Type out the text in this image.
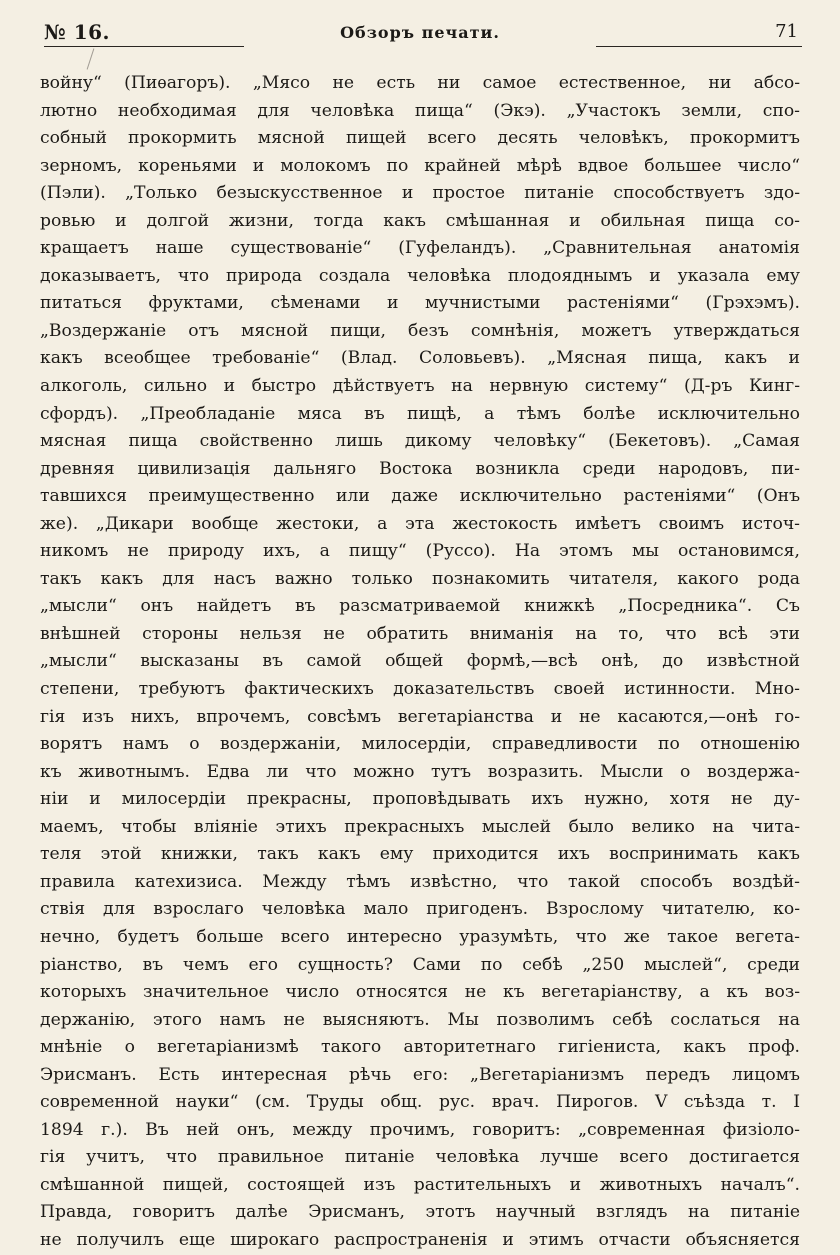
№ 16.	Обзоръ печати.	71
войну“ (Пиѳагоръ). „Мясо не есть ни самое естественное, ни абсо-
лютно необходимая для человѣка пища“ (Экэ). „Участокъ земли, спо-
собный прокормить мясной пищей всего десять человѣкъ, прокормитъ
зерномъ, кореньями и молокомъ по крайней мѣрѣ вдвое большее число“
(Пэли). „Только безыскусственное и простое питаніе способствуетъ здо-
ровью и долгой жизни, тогда какъ смѣшанная и обильная пища со-
кращаетъ наше существованіе“ (Гуфеландъ). „Сравнительная анатомія
доказываетъ, что природа создала человѣка плодояднымъ и указала ему
питаться фруктами, сѣменами и мучнистыми растеніями“ (Грэхэмъ).
„Воздержаніе отъ мясной пищи, безъ сомнѣнія, можетъ утверждаться
какъ всеобщее требованіе“ (Влад. Соловьевъ). „Мясная пища, какъ и
алкоголь, сильно и быстро дѣйствуетъ на нервную систему“ (Д-ръ Кинг-
сфордъ). „Преобладаніе мяса въ пищѣ, а тѣмъ болѣе исключительно
мясная пища свойственно лишь дикому человѣку“ (Бекетовъ). „Самая
древняя цивилизація дальняго Востока возникла среди народовъ, пи-
тавшихся преимущественно или даже исключительно растеніями“ (Онъ
же). „Дикари вообще жестоки, а эта жестокость имѣетъ своимъ источ-
никомъ не природу ихъ, а пищу“ (Руссо). На этомъ мы остановимся,
такъ какъ для насъ важно только познакомить читателя, какого рода
„мысли“ онъ найдетъ въ разсматриваемой книжкѣ „Посредника“. Съ
внѣшней стороны нельзя не обратить вниманія на то, что всѣ эти
„мысли“ высказаны въ самой общей формѣ,—всѣ онѣ, до извѣстной
степени, требуютъ фактическихъ доказательствъ своей истинности. Мно-
гія изъ нихъ, впрочемъ, совсѣмъ вегетаріанства и не касаются,—онѣ го-
ворятъ намъ о воздержаніи, милосердіи, справедливости по отношенію
къ животнымъ. Едва ли что можно тутъ возразить. Мысли о воздержа-
ніи и милосердіи прекрасны, проповѣдывать ихъ нужно, хотя не ду-
маемъ, чтобы вліяніе этихъ прекрасныхъ мыслей было велико на чита-
теля этой книжки, такъ какъ ему приходится ихъ воспринимать какъ
правила катехизиса. Между тѣмъ извѣстно, что такой способъ воздѣй-
ствія для взрослаго человѣка мало пригоденъ. Взрослому читателю, ко-
нечно, будетъ больше всего интересно уразумѣть, что же такое вегета-
ріанство, въ чемъ его сущность? Сами по себѣ „250 мыслей“, среди
которыхъ значительное число относятся не къ вегетаріанству, а къ воз-
держанію, этого намъ не выясняютъ. Мы позволимъ себѣ сослаться на
мнѣніе о вегетаріанизмѣ такого авторитетнаго гигіениста, какъ проф.
Эрисманъ. Есть интересная рѣчь его: „Вегетаріанизмъ передъ лицомъ
современной науки“ (см. Труды общ. рус. врач. Пирогов. V съѣзда т. I
1894 г.). Въ ней онъ, между прочимъ, говоритъ: „современная физіоло-
гія учитъ, что правильное питаніе человѣка лучше всего достигается
смѣшанной пищей, состоящей изъ растительныхъ и животныхъ началъ“.
Правда, говоритъ далѣе Эрисманъ, этотъ научный взглядъ на питаніе
не получилъ еще широкаго распространенія и этимъ отчасти объясняется
